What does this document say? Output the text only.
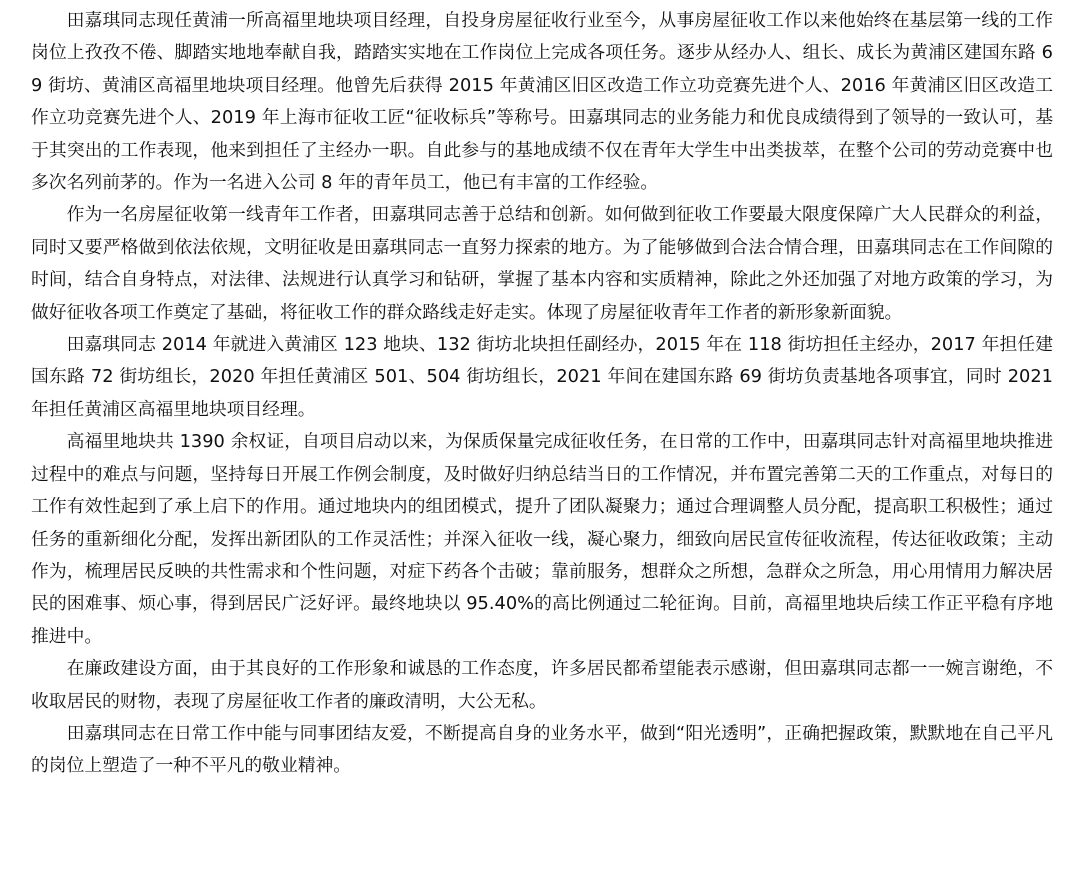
田嘉琪同志现任黄浦一所高福里地块项目经理，自投身房屋征收行业至今，从事房屋征收工作以来他始终在基层第一线的工作岗位上孜孜不倦、脚踏实地地奉献自我，踏踏实实地在工作岗位上完成各项任务。逐步从经办人、组长、成长为黄浦区建国东路 69 街坊、黄浦区高福里地块项目经理。他曾先后获得 2015 年黄浦区旧区改造工作立功竞赛先进个人、2016 年黄浦区旧区改造工作立功竞赛先进个人、2019 年上海市征收工匠“征收标兵”等称号。田嘉琪同志的业务能力和优良成绩得到了领导的一致认可，基于其突出的工作表现，他来到担任了主经办一职。自此参与的基地成绩不仅在青年大学生中出类拔萃，在整个公司的劳动竞赛中也多次名列前茅的。作为一名进入公司 8 年的青年员工，他已有丰富的工作经验。

作为一名房屋征收第一线青年工作者，田嘉琪同志善于总结和创新。如何做到征收工作要最大限度保障广大人民群众的利益，同时又要严格做到依法依规，文明征收是田嘉琪同志一直努力探索的地方。为了能够做到合法合情合理，田嘉琪同志在工作间隙的时间，结合自身特点，对法律、法规进行认真学习和钻研，掌握了基本内容和实质精神，除此之外还加强了对地方政策的学习，为做好征收各项工作奠定了基础，将征收工作的群众路线走好走实。体现了房屋征收青年工作者的新形象新面貌。

田嘉琪同志 2014 年就进入黄浦区 123 地块、132 街坊北块担任副经办，2015 年在 118 街坊担任主经办，2017 年担任建国东路 72 街坊组长，2020 年担任黄浦区 501、504 街坊组长，2021 年间在建国东路 69 街坊负责基地各项事宜，同时 2021 年担任黄浦区高福里地块项目经理。

高福里地块共 1390 余权证，自项目启动以来，为保质保量完成征收任务，在日常的工作中，田嘉琪同志针对高福里地块推进过程中的难点与问题，坚持每日开展工作例会制度，及时做好归纳总结当日的工作情况，并布置完善第二天的工作重点，对每日的工作有效性起到了承上启下的作用。通过地块内的组团模式，提升了团队凝聚力；通过合理调整人员分配，提高职工积极性；通过任务的重新细化分配，发挥出新团队的工作灵活性；并深入征收一线，凝心聚力，细致向居民宣传征收流程，传达征收政策；主动作为，梳理居民反映的共性需求和个性问题，对症下药各个击破；靠前服务，想群众之所想，急群众之所急，用心用情用力解决居民的困难事、烦心事，得到居民广泛好评。最终地块以 95.40%的高比例通过二轮征询。目前，高福里地块后续工作正平稳有序地推进中。

在廉政建设方面，由于其良好的工作形象和诚恳的工作态度，许多居民都希望能表示感谢，但田嘉琪同志都一一婉言谢绝，不收取居民的财物，表现了房屋征收工作者的廉政清明，大公无私。

田嘉琪同志在日常工作中能与同事团结友爱，不断提高自身的业务水平，做到“阳光透明”，正确把握政策，默默地在自己平凡的岗位上塑造了一种不平凡的敬业精神。
